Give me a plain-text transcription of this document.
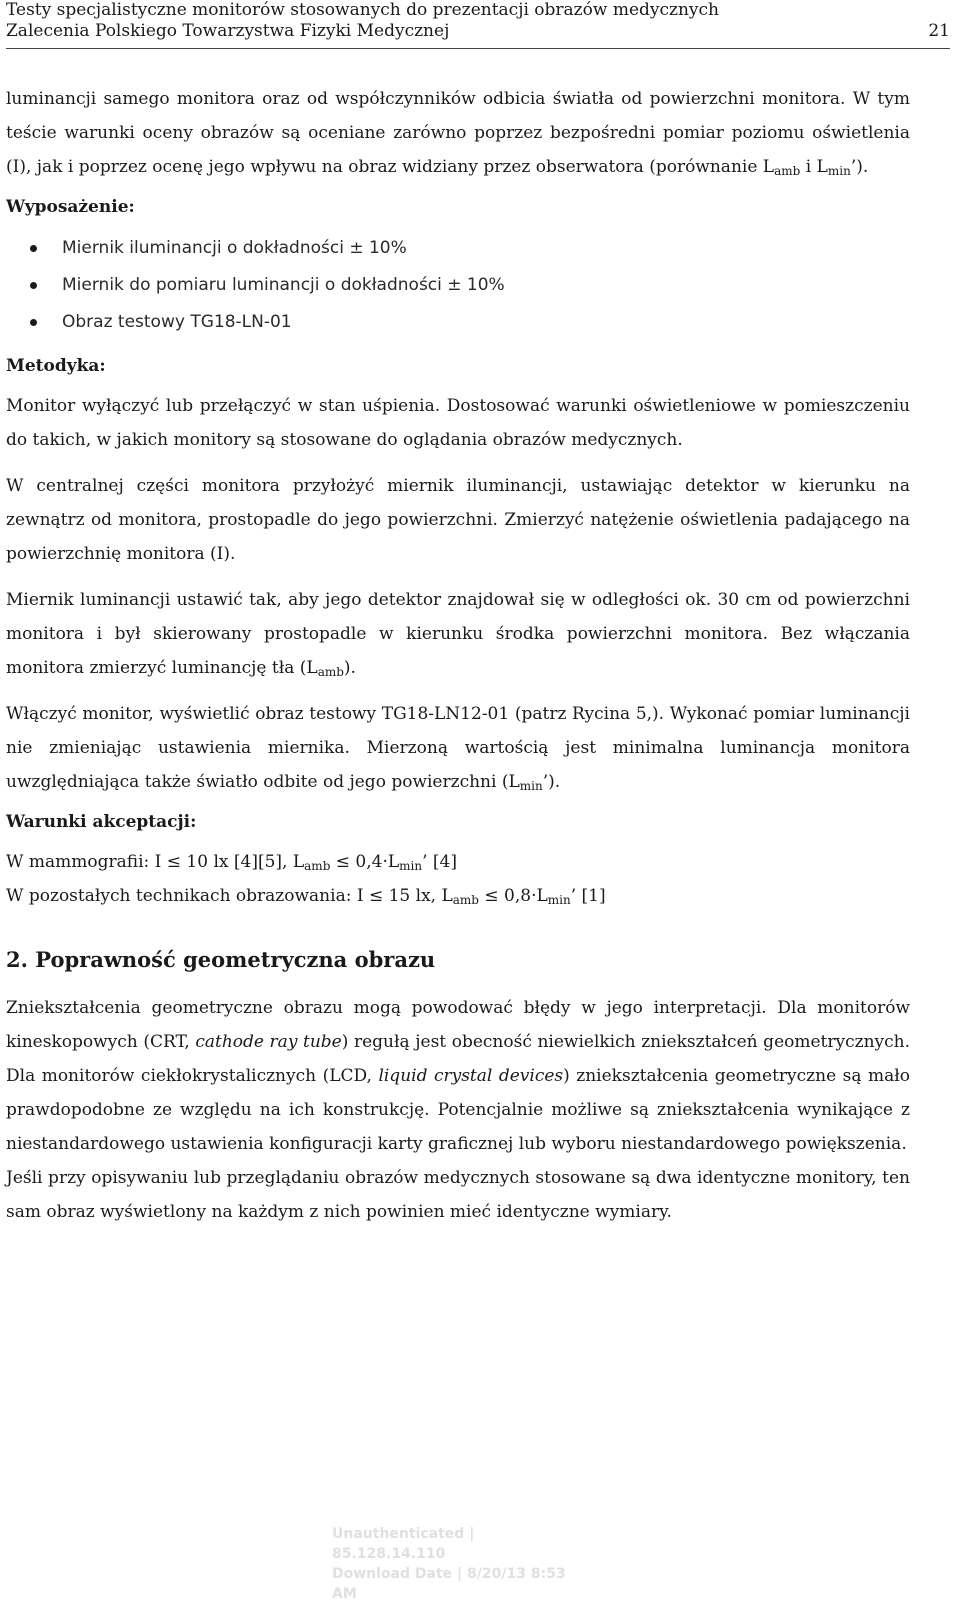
Testy specjalistyczne monitorów stosowanych do prezentacji obrazów medycznych
Zalecenia Polskiego Towarzystwa Fizyki Medycznej	21

luminancji samego monitora oraz od współczynników odbicia światła od powierzchni monitora. W tym teście warunki oceny obrazów są oceniane zarówno poprzez bezpośredni pomiar poziomu oświetlenia (I), jak i poprzez ocenę jego wpływu na obraz widziany przez obserwatora (porównanie $L_{amb}$ i $L_{min}$’).

Wyposażenie:
Miernik iluminancji o dokładności ± 10%
Miernik do pomiaru luminancji o dokładności ± 10%
Obraz testowy TG18-LN-01
Metodyka:

Monitor wyłączyć lub przełączyć w stan uśpienia. Dostosować warunki oświetleniowe w pomieszczeniu do takich, w jakich monitory są stosowane do oglądania obrazów medycznych.

W centralnej części monitora przyłożyć miernik iluminancji, ustawiając detektor w kierunku na zewnątrz od monitora, prostopadle do jego powierzchni. Zmierzyć natężenie oświetlenia padającego na powierzchnię monitora (I).

Miernik luminancji ustawić tak, aby jego detektor znajdował się w odległości ok. 30 cm od powierzchni monitora i był skierowany prostopadle w kierunku środka powierzchni monitora. Bez włączania monitora zmierzyć luminancję tła $(L_{amb})$.

Włączyć monitor, wyświetlić obraz testowy TG18-LN12-01 (patrz Rycina 5,). Wykonać pomiar luminancji nie zmieniając ustawienia miernika. Mierzoną wartością jest minimalna luminancja monitora uwzględniająca także światło odbite od jego powierzchni $(L_{min}’)$.

Warunki akceptacji:

W mammografii: I ≤ 10 lx [4][5], $L_{amb} \le 0,4\cdot L_{min}$’ [4]

W pozostałych technikach obrazowania: I ≤ 15 lx, $L_{amb} \le 0,8\cdot L_{min}$’ [1]

2. Poprawność geometryczna obrazu

Zniekształcenia geometryczne obrazu mogą powodować błędy w jego interpretacji. Dla monitorów kineskopowych (CRT, cathode ray tube) regułą jest obecność niewielkich zniekształceń geometrycznych. Dla monitorów ciekłokrystalicznych (LCD, liquid crystal devices) zniekształcenia geometryczne są mało prawdopodobne ze względu na ich konstrukcję. Potencjalnie możliwe są zniekształcenia wynikające z niestandardowego ustawienia konfiguracji karty graficznej lub wyboru niestandardowego powiększenia.

Jeśli przy opisywaniu lub przeglądaniu obrazów medycznych stosowane są dwa identyczne monitory, ten sam obraz wyświetlony na każdym z nich powinien mieć identyczne wymiary.

Unauthenticated | 85.128.14.110
Download Date | 8/20/13 8:53 AM
